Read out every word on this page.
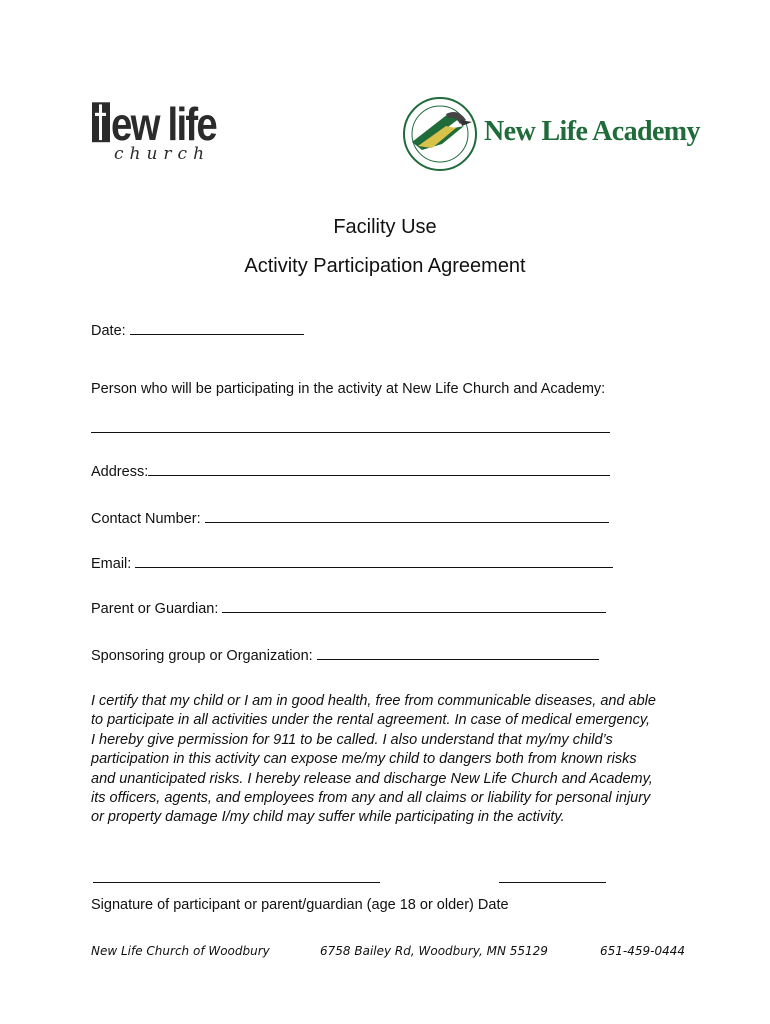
ew life
church
New Life Academy
Facility Use
Activity Participation Agreement
Date:
Person who will be participating in the activity at New Life Church and Academy:
Address:
Contact Number:
Email:
Parent or Guardian:
Sponsoring group or Organization:
I certify that my child or I am in good health, free from communicable diseases, and able
to participate in all activities under the rental agreement. In case of medical emergency,
I hereby give permission for 911 to be called. I also understand that my/my child’s
participation in this activity can expose me/my child to dangers both from known risks
and unanticipated risks. I hereby release and discharge New Life Church and Academy,
its officers, agents, and employees from any and all claims or liability for personal injury
or property damage I/my child may suffer while participating in the activity.
Signature of participant or parent/guardian (age 18 or older) Date
New Life Church of Woodbury	6758 Bailey Rd, Woodbury, MN 55129	651-459-0444
